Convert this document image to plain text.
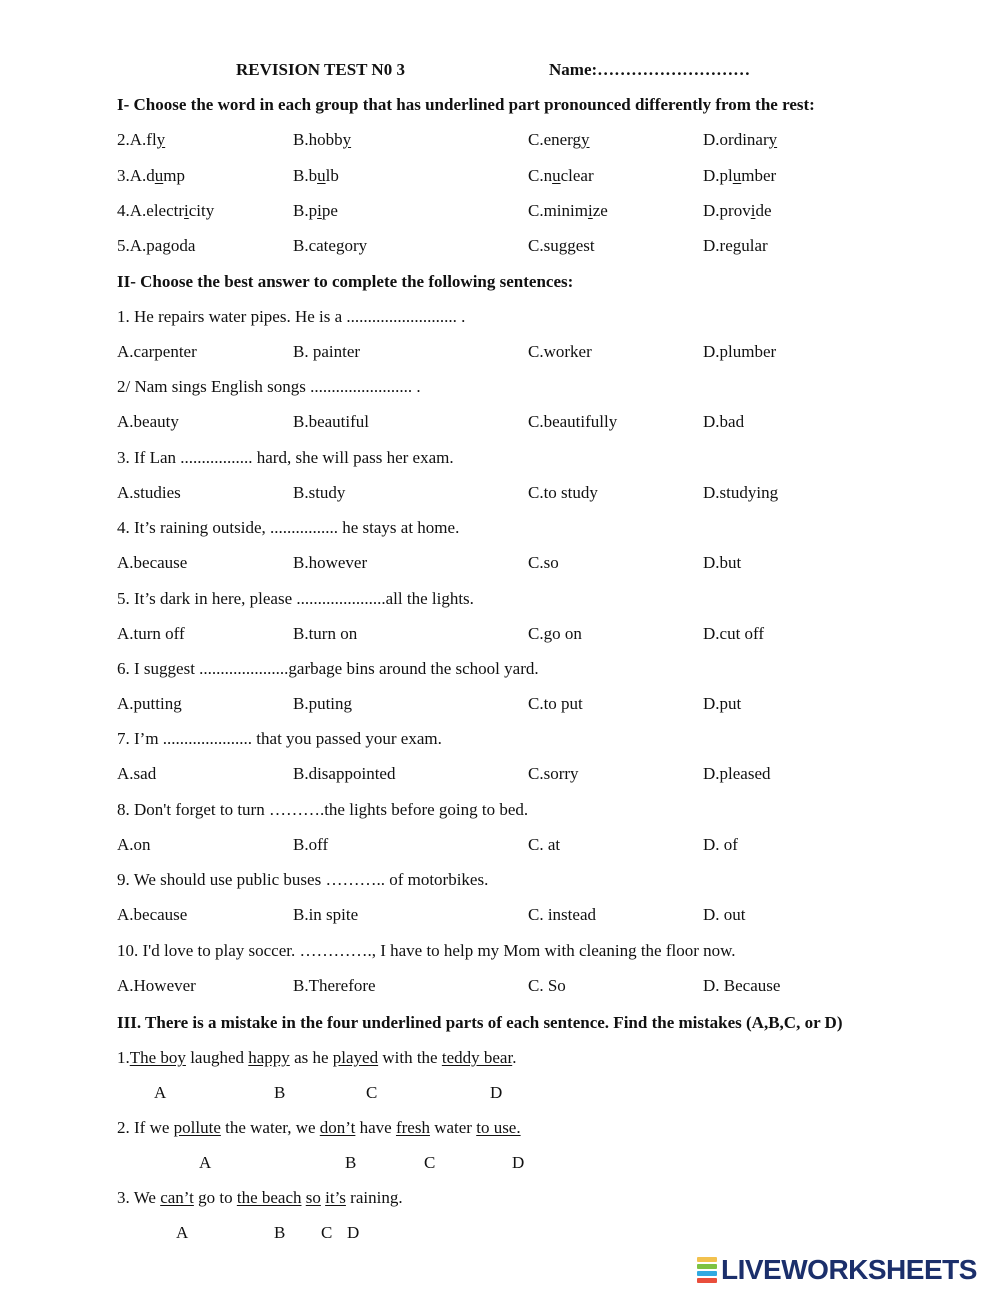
REVISION TEST N0 3	Name:………………………
I- Choose the word in each group that has underlined part pronounced differently from the rest:
2.A.fly	B.hobby	C.energy	D.ordinary
3.A.dump	B.bulb	C.nuclear	D.plumber
4.A.electricity	B.pipe	C.minimize	D.provide
5.A.pagoda	B.category	C.suggest	D.regular
II- Choose the best answer to complete the following sentences:
1. He repairs water pipes. He is a .......................... .
A.carpenter	B. painter	C.worker	D.plumber
2/ Nam sings English songs ........................ .
A.beauty	B.beautiful	C.beautifully	D.bad
3. If Lan ................. hard, she will pass her exam.
A.studies	B.study	C.to study	D.studying
4. It’s raining outside, ................ he stays at home.
A.because	B.however	C.so	D.but
5. It’s dark in here, please .....................all the lights.
A.turn off	B.turn on	C.go on	D.cut off
6. I suggest .....................garbage bins around the school yard.
A.putting	B.puting	C.to put	D.put
7. I’m ..................... that you passed your exam.
A.sad	B.disappointed	C.sorry	D.pleased
8. Don't forget to turn ……….the lights before going to bed.
A.on	B.off	C. at	D. of
9. We should use public buses ……….. of motorbikes.
A.because	B.in spite	C. instead	D. out
10. I'd love to play soccer. …………., I have to help my Mom with cleaning the floor now.
A.However	B.Therefore	C. So	D. Because
III. There is a mistake in the four underlined parts of each sentence. Find the mistakes (A,B,C, or D)
1.The boy laughed happy as he played with the teddy bear.
A	B	C	D
2. If we pollute the water, we don’t have fresh water to use.
A	B	C	D
3. We can’t go to the beach so it’s raining.
A	B C D
LIVEWORKSHEETS
